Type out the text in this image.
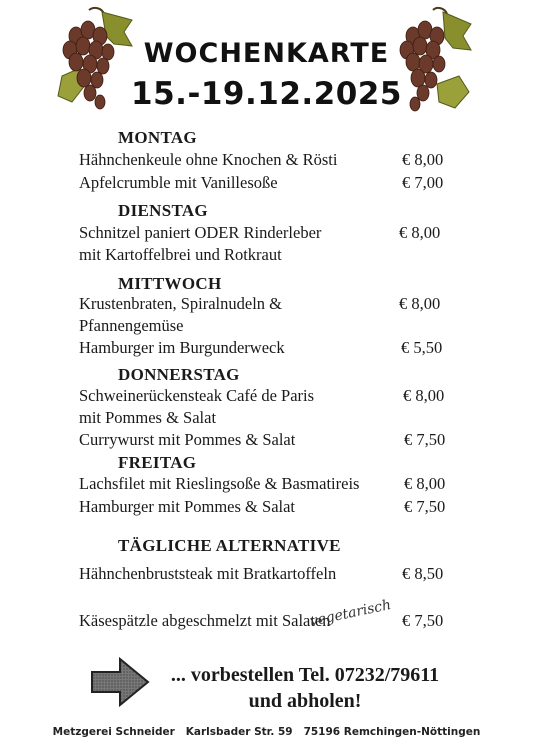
WOCHENKARTE
15.-19.12.2025
MONTAG
Hähnchenkeule ohne Knochen & Rösti	€ 8,00
Apfelcrumble mit Vanillesoße	€ 7,00
DIENSTAG
Schnitzel paniert ODER Rinderleber	€ 8,00
mit Kartoffelbrei und Rotkraut
MITTWOCH
Krustenbraten, Spiralnudeln &	€ 8,00
Pfannengemüse
Hamburger im Burgunderweck	€ 5,50
DONNERSTAG
Schweinerückensteak Café de Paris	€ 8,00
mit Pommes & Salat
Currywurst mit Pommes & Salat	€ 7,50
FREITAG
Lachsfilet mit Rieslingsoße & Basmatireis	€ 8,00
Hamburger mit Pommes & Salat	€ 7,50
TÄGLICHE ALTERNATIVE
Hähnchenbruststeak mit Bratkartoffeln	€ 8,50
Käsespätzle abgeschmelzt mit Salaten	€ 7,50
vegetarisch
... vorbestellen Tel. 07232/79611
und abholen!
Metzgerei Schneider   Karlsbader Str. 59   75196 Remchingen-Nöttingen
